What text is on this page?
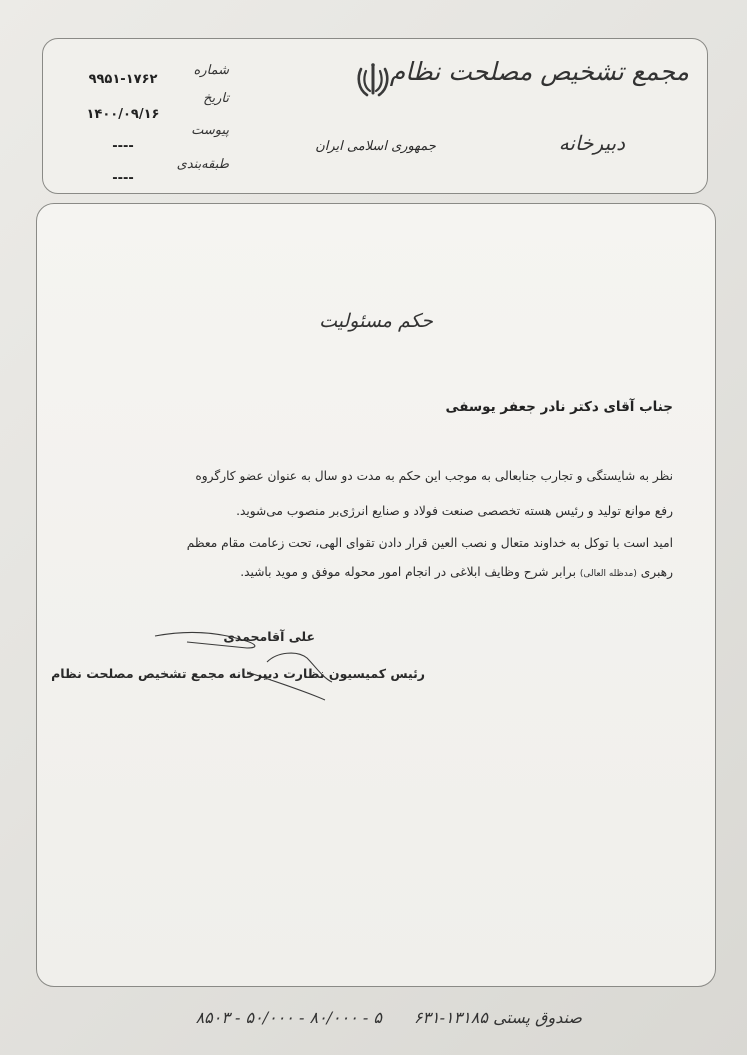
مجمع تشخیص مصلحت نظام
دبیرخانه
جمهوری اسلامی ایران
شماره
۹۹۵۱-۱۷۶۲
تاریخ
۱۴۰۰/۰۹/۱۶
پیوست
----
طبقه‌بندی
----
حکم مسئولیت
جناب آقای دکتر نادر جعفر یوسفی
نظر به شایستگی و تجارب جنابعالی به موجب این حکم به مدت دو سال به عنوان عضو کارگروه
رفع موانع تولید و رئیس هسته تخصصی صنعت فولاد و صنایع انرژی‌بر منصوب می‌شوید.
امید است با توکل به خداوند متعال و نصب العین قرار دادن تقوای الهی، تحت زعامت مقام معظم
رهبری (مدظله العالی) برابر شرح وظایف ابلاغی در انجام امور محوله موفق و موید باشید.
علی آقامحمدی
رئیس کمیسیون نظارت دبیرخانه مجمع تشخیص مصلحت نظام
صندوق پستی ۱۳۱۸۵-۶۳۱
۵ - ۸۰/۰۰۰ - ۵۰/۰۰۰ - ۸۵۰۳
